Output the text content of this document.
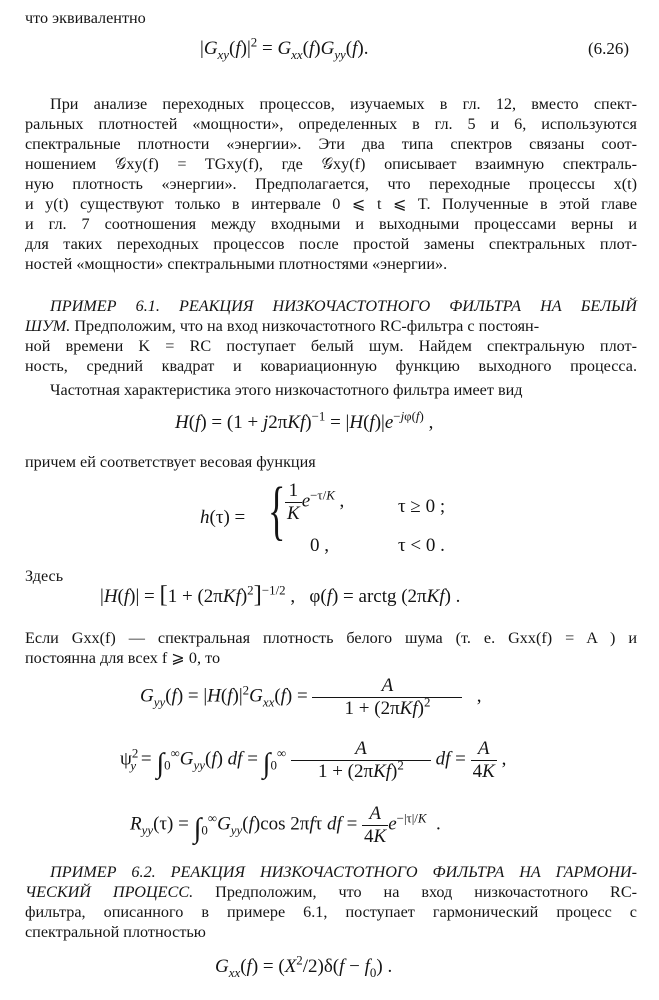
что эквивалентно
$|G_{xy}(f)|^2 = G_{xx}(f)G_{yy}(f)$.	(6.26)
При анализе переходных процессов, изучаемых в гл. 12, вместо спект-
ральных плотностей «мощности», определенных в гл. 5 и 6, используются
спектральные плотности «энергии». Эти два типа спектров связаны соот-
ношением 𝒢xy(f) = TGxy(f), где 𝒢xy(f) описывает взаимную спектраль-
ную плотность «энергии». Предполагается, что переходные процессы x(t)
и y(t) существуют только в интервале 0 ⩽ t ⩽ T. Полученные в этой главе
и гл. 7 соотношения между входными и выходными процессами верны и
для таких переходных процессов после простой замены спектральных плот-
ностей «мощности» спектральными плотностями «энергии».
ПРИМЕР 6.1. РЕАКЦИЯ НИЗКОЧАСТОТНОГО ФИЛЬТРА НА БЕЛЫЙ
ШУМ. Предположим, что на вход низкочастотного RC-фильтра с постоян-
ной времени K = RC поступает белый шум. Найдем спектральную плот-
ность, средний квадрат и ковариационную функцию выходного процесса.
Частотная характеристика этого низкочастотного фильтра имеет вид
$H(f) = (1 + j2\pi Kf)^{-1} = |H(f)|e^{-j\varphi(f)}$ ,
причем ей соответствует весовая функция
h(τ) = { $\frac{1}{K} e^{-\tau/K}$ ,	τ ≥ 0 ;
0 ,	τ < 0 .
Здесь
$|H(f)| = [1 + (2\pi Kf)^2]^{-1/2}$ ,   φ(f) = arctg (2πKf) .
Если Gxx(f) — спектральная плотность белого шума (т. е. Gxx(f) = A ) и
постоянна для всех f ⩾ 0, то
$G_{yy}(f) = |H(f)|^2G_{xx}(f) = \frac{A}{1 + (2\pi Kf)^2}$ ,
$\psi^2_y = \int_0^\infty G_{yy}(f)$ df = $\int_0^\infty \frac{A}{1 + (2\pi Kf)^2}$ df = $\frac{A}{4K}$ ,
$R_{yy}(\tau) = \int_0^\infty G_{yy}(f)\cos$ 2πfτ df = $\frac{A}{4K} e^{-|\tau|/K}$  .
ПРИМЕР 6.2. РЕАКЦИЯ НИЗКОЧАСТОТНОГО ФИЛЬТРА НА ГАРМОНИ-
ЧЕСКИЙ ПРОЦЕСС. Предположим, что на вход низкочастотного RC-
фильтра, описанного в примере 6.1, поступает гармонический процесс с
спектральной плотностью
$G_{xx}(f) = (X^2/2)\delta(f - f_0)$ .
